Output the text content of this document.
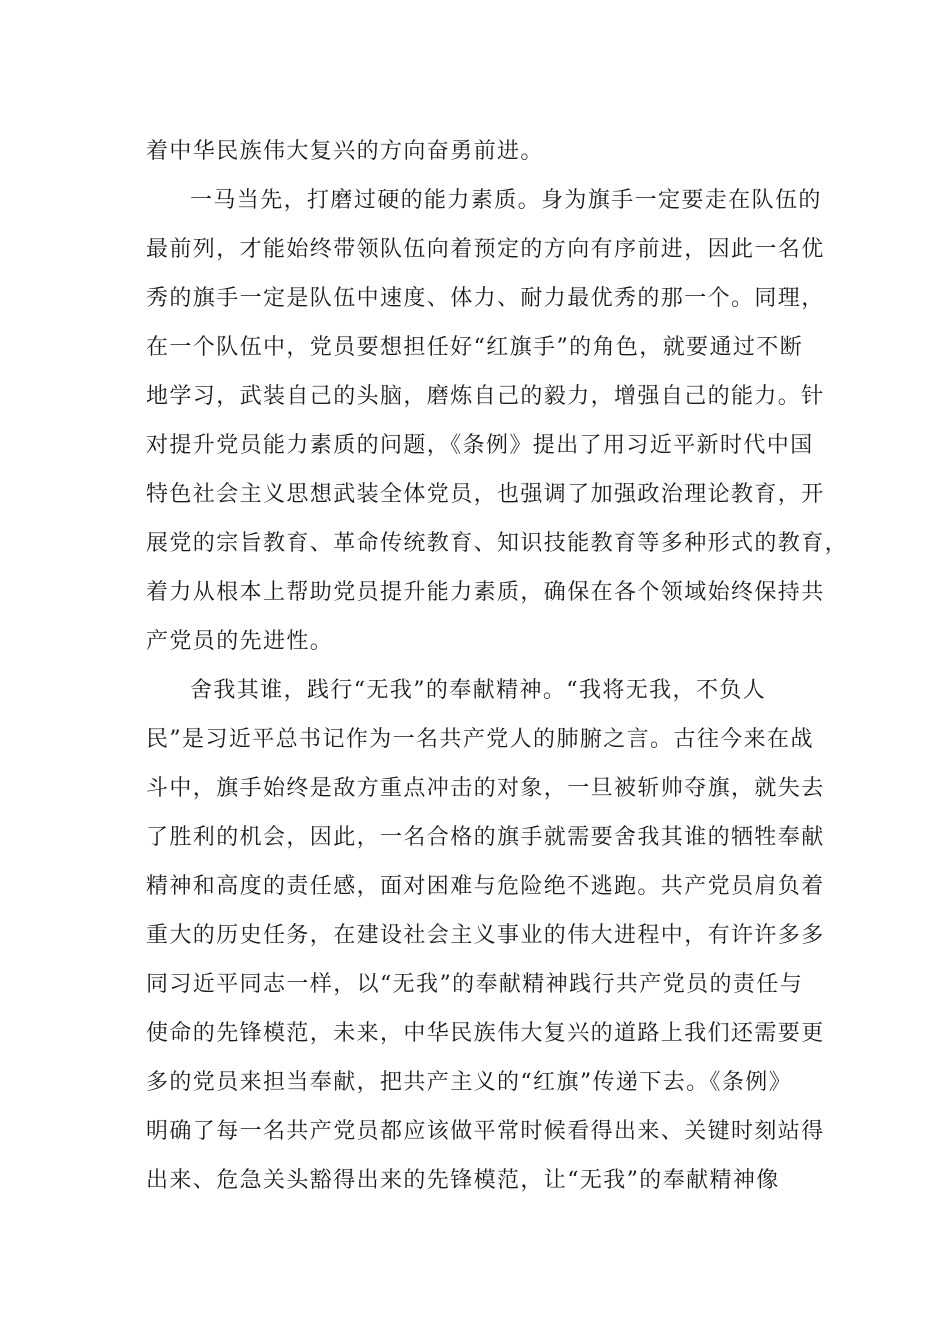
着中华民族伟大复兴的方向奋勇前进。
一马当先，打磨过硬的能力素质。身为旗手一定要走在队伍的
最前列，才能始终带领队伍向着预定的方向有序前进，因此一名优
秀的旗手一定是队伍中速度、体力、耐力最优秀的那一个。同理，
在一个队伍中，党员要想担任好“红旗手”的角色，就要通过不断
地学习，武装自己的头脑，磨炼自己的毅力，增强自己的能力。针
对提升党员能力素质的问题，《条例》提出了用习近平新时代中国
特色社会主义思想武装全体党员，也强调了加强政治理论教育，开
展党的宗旨教育、革命传统教育、知识技能教育等多种形式的教育，
着力从根本上帮助党员提升能力素质，确保在各个领域始终保持共
产党员的先进性。
舍我其谁，践行“无我”的奉献精神。“我将无我，不负人
民”是习近平总书记作为一名共产党人的肺腑之言。古往今来在战
斗中，旗手始终是敌方重点冲击的对象，一旦被斩帅夺旗，就失去
了胜利的机会，因此，一名合格的旗手就需要舍我其谁的牺牲奉献
精神和高度的责任感，面对困难与危险绝不逃跑。共产党员肩负着
重大的历史任务，在建设社会主义事业的伟大进程中，有许许多多
同习近平同志一样，以“无我”的奉献精神践行共产党员的责任与
使命的先锋模范，未来，中华民族伟大复兴的道路上我们还需要更
多的党员来担当奉献，把共产主义的“红旗”传递下去。《条例》
明确了每一名共产党员都应该做平常时候看得出来、关键时刻站得
出来、危急关头豁得出来的先锋模范，让“无我”的奉献精神像
